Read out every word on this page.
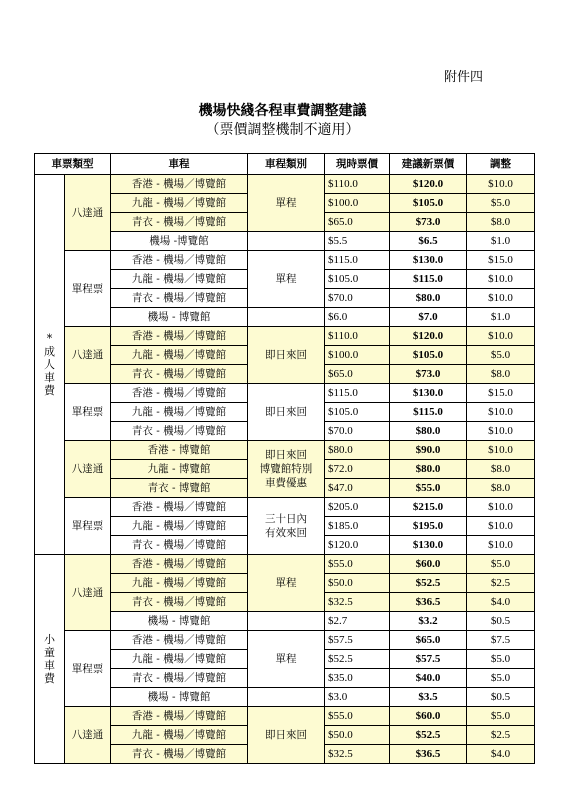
附件四
機場快綫各程車費調整建議
（票價調整機制不適用）
車票類型		車程	車程類別	現時票價	建議新票價	調整

*
成
人
車
費	八達通	香港 - 機場／博覽館	單程	$110.0	$120.0	$10.0
		九龍 - 機場／博覽館		$100.0	$105.0	$5.0
		青衣 - 機場／博覽館		$65.0	$73.0	$8.0
		機場 -博覽館		$5.5	$6.5	$1.0
	單程票	香港 - 機場／博覽館	單程	$115.0	$130.0	$15.0
		九龍 - 機場／博覽館		$105.0	$115.0	$10.0
		青衣 - 機場／博覽館		$70.0	$80.0	$10.0
		機場 - 博覽館		$6.0	$7.0	$1.0
	八達通	香港 - 機場／博覽館	即日來回	$110.0	$120.0	$10.0
		九龍 - 機場／博覽館		$100.0	$105.0	$5.0
		青衣 - 機場／博覽館		$65.0	$73.0	$8.0
	單程票	香港 - 機場／博覽館	即日來回	$115.0	$130.0	$15.0
		九龍 - 機場／博覽館		$105.0	$115.0	$10.0
		青衣 - 機場／博覽館		$70.0	$80.0	$10.0
	八達通	香港 - 博覽館	即日來回
博覽館特別
車費優惠	$80.0	$90.0	$10.0
		九龍 - 博覽館		$72.0	$80.0	$8.0
		青衣 - 博覽館		$47.0	$55.0	$8.0
	單程票	香港 - 機場／博覽館	三十日內
有效來回	$205.0	$215.0	$10.0
		九龍 - 機場／博覽館		$185.0	$195.0	$10.0
		青衣 - 機場／博覽館		$120.0	$130.0	$10.0

小
童
車
費	八達通	香港 - 機場／博覽館	單程	$55.0	$60.0	$5.0
		九龍 - 機場／博覽館		$50.0	$52.5	$2.5
		青衣 - 機場／博覽館		$32.5	$36.5	$4.0
		機場 - 博覽館		$2.7	$3.2	$0.5
	單程票	香港 - 機場／博覽館	單程	$57.5	$65.0	$7.5
		九龍 - 機場／博覽館		$52.5	$57.5	$5.0
		青衣 - 機場／博覽館		$35.0	$40.0	$5.0
		機場 - 博覽館		$3.0	$3.5	$0.5
	八達通	香港 - 機場／博覽館	即日來回	$55.0	$60.0	$5.0
		九龍 - 機場／博覽館		$50.0	$52.5	$2.5
		青衣 - 機場／博覽館		$32.5	$36.5	$4.0
